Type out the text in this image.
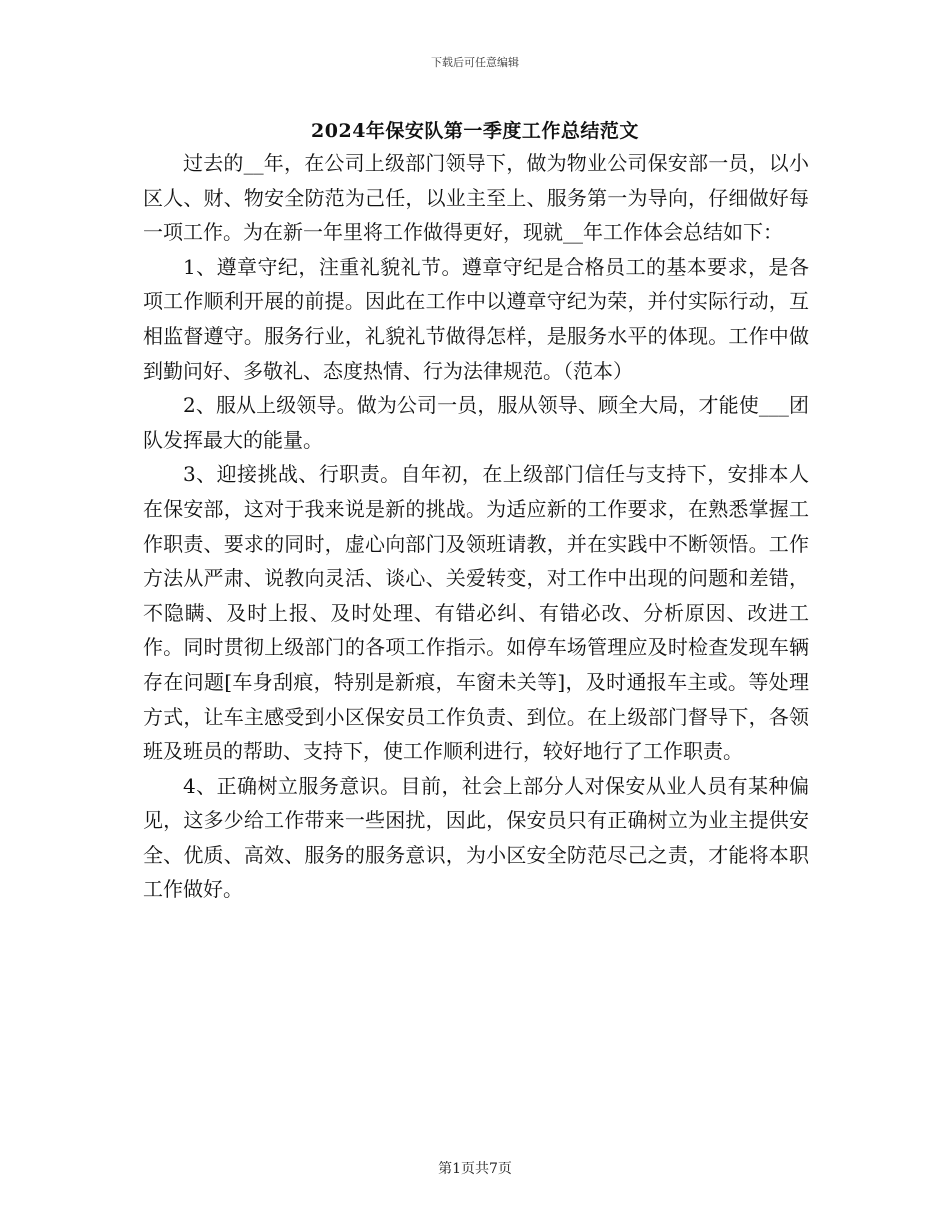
下载后可任意编辑
2024年保安队第一季度工作总结范文

过去的__年，在公司上级部门领导下，做为物业公司保安部一员，以小区人、财、物安全防范为己任，以业主至上、服务第一为导向，仔细做好每一项工作。为在新一年里将工作做得更好，现就__年工作体会总结如下：

1、遵章守纪，注重礼貌礼节。遵章守纪是合格员工的基本要求，是各项工作顺利开展的前提。因此在工作中以遵章守纪为荣，并付实际行动，互相监督遵守。服务行业，礼貌礼节做得怎样，是服务水平的体现。工作中做到勤问好、多敬礼、态度热情、行为法律规范。（范本）

2、服从上级领导。做为公司一员，服从领导、顾全大局，才能使___团队发挥最大的能量。

3、迎接挑战、行职责。自年初，在上级部门信任与支持下，安排本人在保安部，这对于我来说是新的挑战。为适应新的工作要求，在熟悉掌握工作职责、要求的同时，虚心向部门及领班请教，并在实践中不断领悟。工作方法从严肃、说教向灵活、谈心、关爱转变，对工作中出现的问题和差错，不隐瞒、及时上报、及时处理、有错必纠、有错必改、分析原因、改进工作。同时贯彻上级部门的各项工作指示。如停车场管理应及时检查发现车辆存在问题[车身刮痕，特别是新痕，车窗未关等]，及时通报车主或。等处理方式，让车主感受到小区保安员工作负责、到位。在上级部门督导下，各领班及班员的帮助、支持下，使工作顺利进行，较好地行了工作职责。

4、正确树立服务意识。目前，社会上部分人对保安从业人员有某种偏见，这多少给工作带来一些困扰，因此，保安员只有正确树立为业主提供安全、优质、高效、服务的服务意识，为小区安全防范尽己之责，才能将本职工作做好。

第1页共7页
